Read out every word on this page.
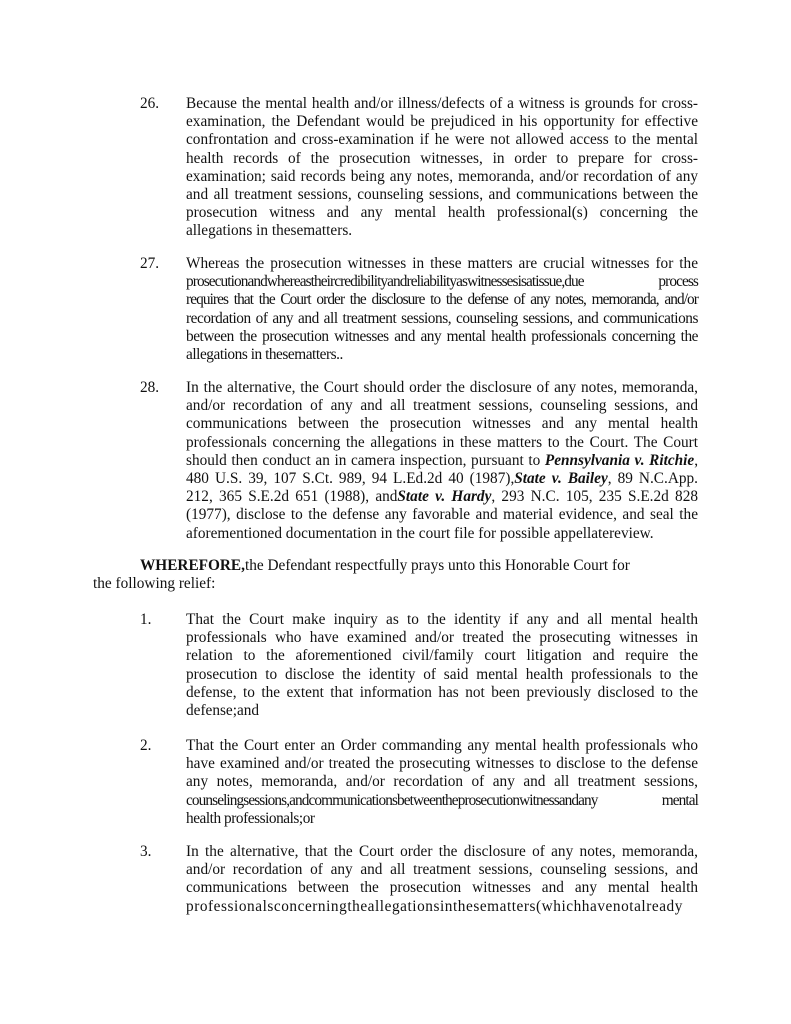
26. Because the mental health and/or illness/defects of a witness is grounds for cross-
examination, the Defendant would be prejudiced in his opportunity for effective
confrontation and cross-examination if he were not allowed access to the mental
health records of the prosecution witnesses, in order to prepare for cross-
examination; said records being any notes, memoranda, and/or recordation of any
and all treatment sessions, counseling sessions, and communications between the
prosecution witness and any mental health professional(s) concerning the
allegations in thesematters.
27. Whereas the prosecution witnesses in these matters are crucial witnesses for the
prosecutionandwhereastheircredibilityandreliabilityaswitnessesisatissue,due process
requires that the Court order the disclosure to the defense of any notes, memoranda, and/or
recordation of any and all treatment sessions, counseling sessions, and communications
between the prosecution witnesses and any mental health professionals concerning the
allegations in thesematters..
28. In the alternative, the Court should order the disclosure of any notes, memoranda,
and/or recordation of any and all treatment sessions, counseling sessions, and
communications between the prosecution witnesses and any mental health
professionals concerning the allegations in these matters to the Court. The Court
should then conduct an in camera inspection, pursuant to Pennsylvania v. Ritchie,
480 U.S. 39, 107 S.Ct. 989, 94 L.Ed.2d 40 (1987),State v. Bailey, 89 N.C.App.
212, 365 S.E.2d 651 (1988), andState v. Hardy, 293 N.C. 105, 235 S.E.2d 828
(1977), disclose to the defense any favorable and material evidence, and seal the
aforementioned documentation in the court file for possible appellatereview.
WHEREFORE,the Defendant respectfully prays unto this Honorable Court for
the following relief:
1. That the Court make inquiry as to the identity if any and all mental health
professionals who have examined and/or treated the prosecuting witnesses in
relation to the aforementioned civil/family court litigation and require the
prosecution to disclose the identity of said mental health professionals to the
defense, to the extent that information has not been previously disclosed to the
defense;and
2. That the Court enter an Order commanding any mental health professionals who
have examined and/or treated the prosecuting witnesses to disclose to the defense
any notes, memoranda, and/or recordation of any and all treatment sessions,
counselingsessions,andcommunicationsbetweentheprosecutionwitnessandany mental
health professionals;or
3. In the alternative, that the Court order the disclosure of any notes, memoranda,
and/or recordation of any and all treatment sessions, counseling sessions, and
communications between the prosecution witnesses and any mental health
professionalsconcerningtheallegationsinthesematters(whichhavenotalready
